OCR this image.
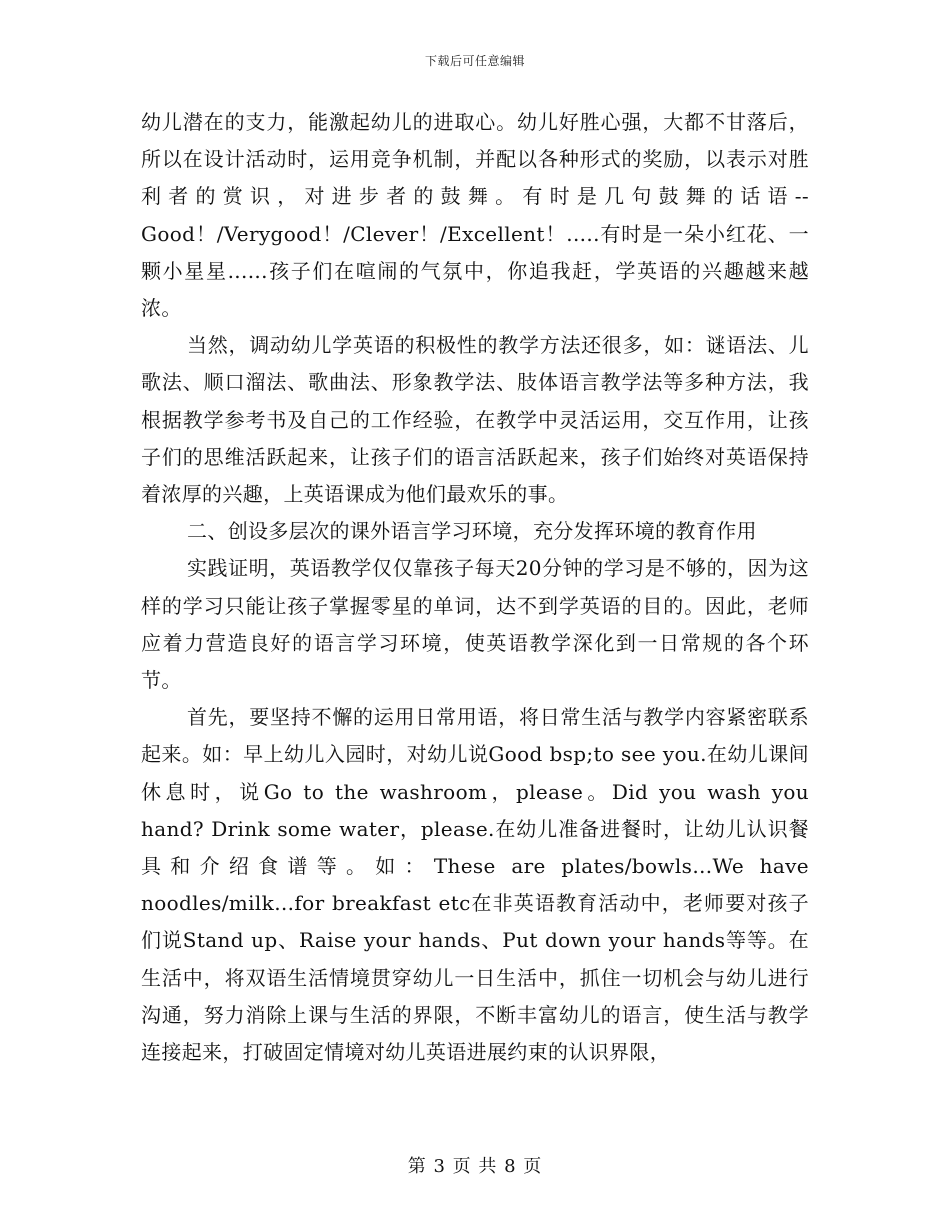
下载后可任意编辑

幼儿潜在的支力，能激起幼儿的进取心。幼儿好胜心强，大都不甘落后，所以在设计活动时，运用竞争机制，并配以各种形式的奖励，以表示对胜利者的赏识，对进步者的鼓舞。有时是几句鼓舞的话语--Good！/Verygood！/Clever！/Excellent！.....有时是一朵小红花、一颗小星星......孩子们在喧闹的气氛中，你追我赶，学英语的兴趣越来越浓。

当然，调动幼儿学英语的积极性的教学方法还很多，如：谜语法、儿歌法、顺口溜法、歌曲法、形象教学法、肢体语言教学法等多种方法，我根据教学参考书及自己的工作经验，在教学中灵活运用，交互作用，让孩子们的思维活跃起来，让孩子们的语言活跃起来，孩子们始终对英语保持着浓厚的兴趣，上英语课成为他们最欢乐的事。

二、创设多层次的课外语言学习环境，充分发挥环境的教育作用

实践证明，英语教学仅仅靠孩子每天20分钟的学习是不够的，因为这样的学习只能让孩子掌握零星的单词，达不到学英语的目的。因此，老师应着力营造良好的语言学习环境，使英语教学深化到一日常规的各个环节。

首先，要坚持不懈的运用日常用语，将日常生活与教学内容紧密联系起来。如：早上幼儿入园时，对幼儿说Good bsp;to see you.在幼儿课间休息时，说Go to the washroom，please。Did you wash you hand? Drink some water，please.在幼儿准备进餐时，让幼儿认识餐具和介绍食谱等。如：These are plates/bowls…We have noodles/milk…for breakfast etc在非英语教育活动中，老师要对孩子们说Stand up、Raise your hands、Put down your hands等等。在生活中，将双语生活情境贯穿幼儿一日生活中，抓住一切机会与幼儿进行沟通，努力消除上课与生活的界限，不断丰富幼儿的语言，使生活与教学连接起来，打破固定情境对幼儿英语进展约束的认识界限，

第 3 页 共 8 页
